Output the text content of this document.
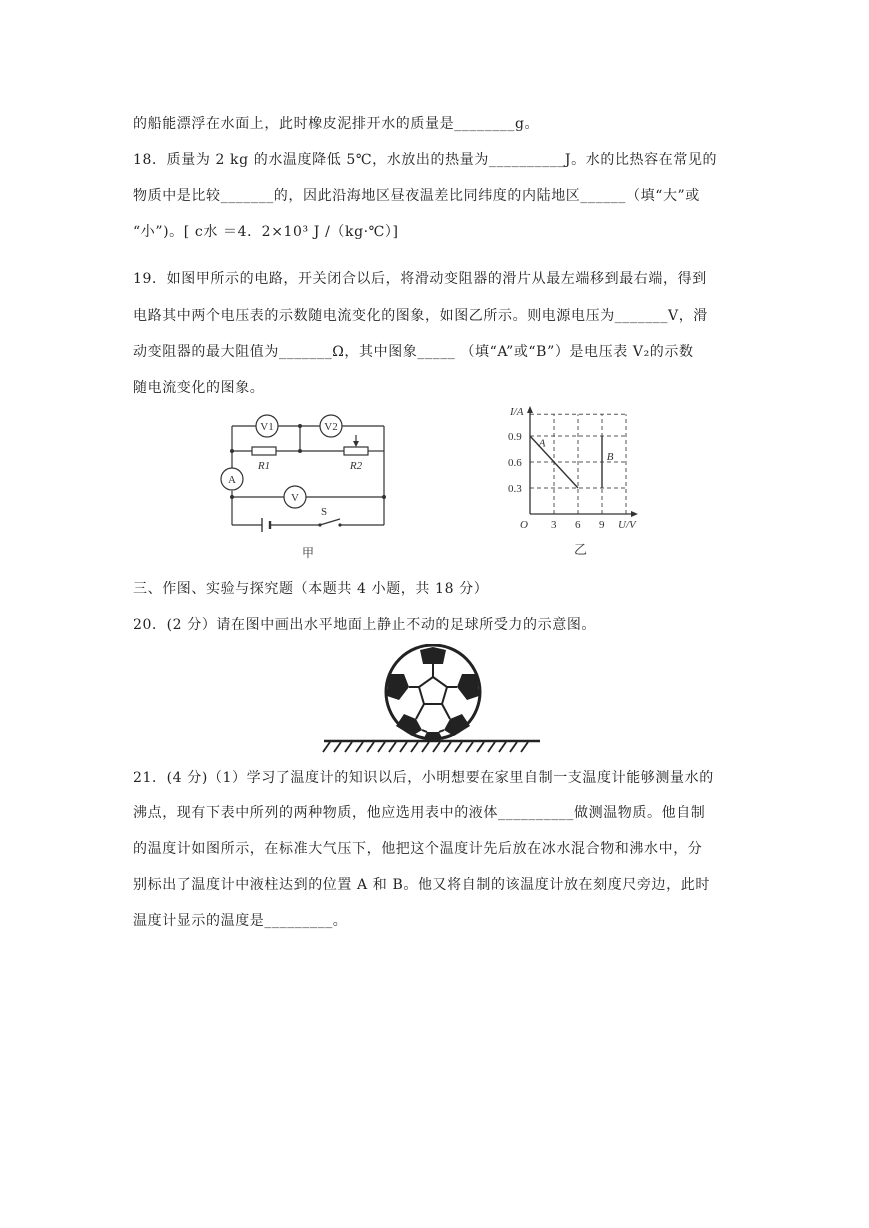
的船能漂浮在水面上，此时橡皮泥排开水的质量是________g。
18．质量为 2 kg 的水温度降低 5℃，水放出的热量为__________J。水的比热容在常见的
物质中是比较_______的，因此沿海地区昼夜温差比同纬度的内陆地区______（填“大”或
“小”)。[ c水 ＝4．2×10³ J /（kg·℃）]
19．如图甲所示的电路，开关闭合以后，将滑动变阻器的滑片从最左端移到最右端，得到
电路其中两个电压表的示数随电流变化的图象，如图乙所示。则电源电压为_______V，滑
动变阻器的最大阻值为_______Ω，其中图象_____ （填“A”或“B”）是电压表 V₂的示数
随电流变化的图象。
V1	V2
A
V
R1	R2
S
甲
A
B
0.9
0.6
0.3
3 6 9
I/A
U/V
O
乙
三、作图、实验与探究题（本题共 4 小题，共 18 分）
20．(2 分）请在图中画出水平地面上静止不动的足球所受力的示意图。
21．(4 分)（1）学习了温度计的知识以后，小明想要在家里自制一支温度计能够测量水的
沸点，现有下表中所列的两种物质，他应选用表中的液体__________做测温物质。他自制
的温度计如图所示，在标准大气压下，他把这个温度计先后放在冰水混合物和沸水中，分
别标出了温度计中液柱达到的位置 A 和 B。他又将自制的该温度计放在刻度尺旁边，此时
温度计显示的温度是_________。
